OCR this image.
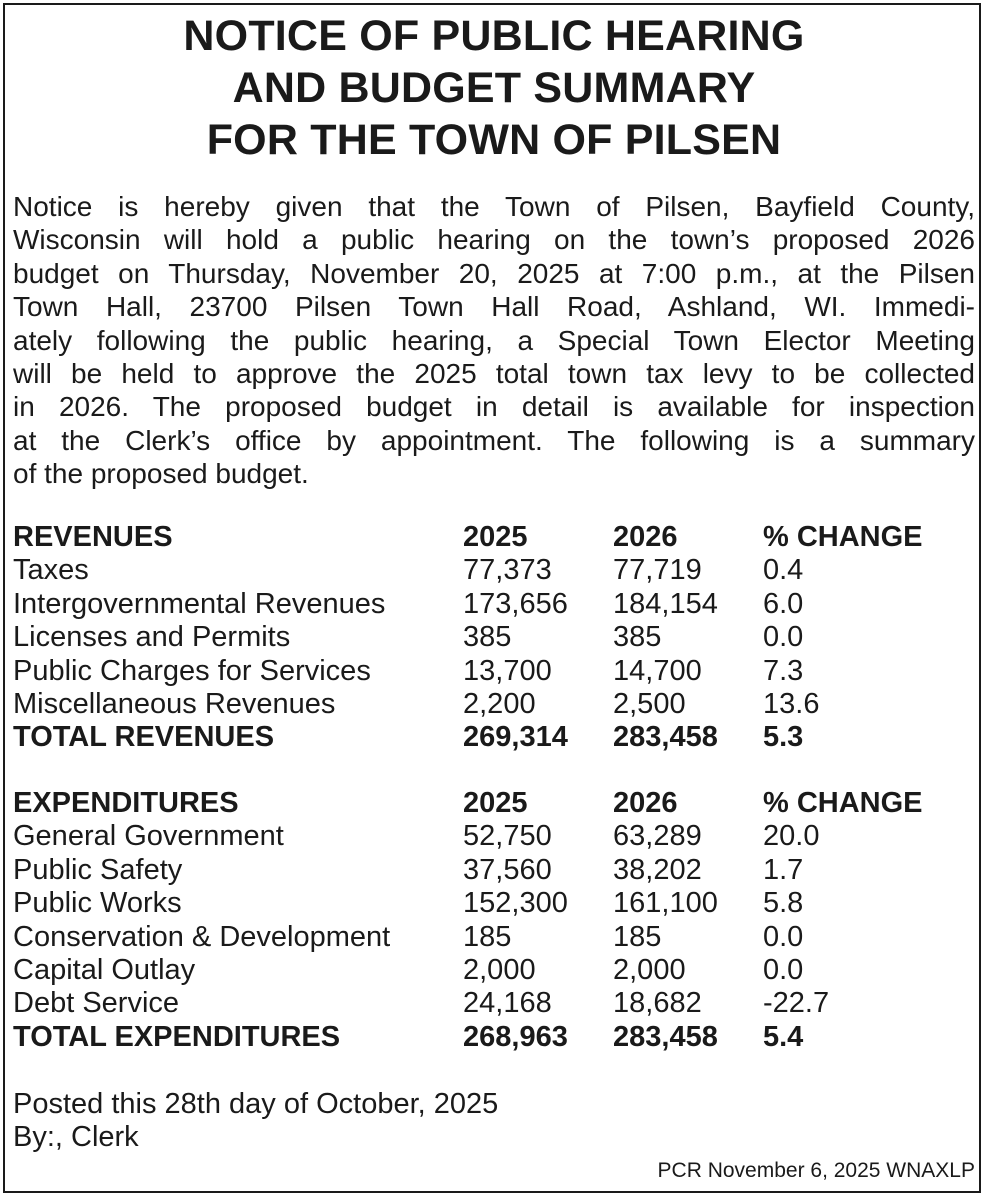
NOTICE OF PUBLIC HEARING
AND BUDGET SUMMARY
FOR THE TOWN OF PILSEN
Notice is hereby given that the Town of Pilsen, Bayfield County,
Wisconsin will hold a public hearing on the town’s proposed 2026
budget on Thursday, November 20, 2025 at 7:00 p.m., at the Pilsen
Town Hall, 23700 Pilsen Town Hall Road, Ashland, WI. Immedi-
ately following the public hearing, a Special Town Elector Meeting
will be held to approve the 2025 total town tax levy to be collected
in 2026. The proposed budget in detail is available for inspection
at the Clerk’s office by appointment. The following is a summary
of the proposed budget.
REVENUES	2025	2026	% CHANGE
Taxes	77,373	77,719	0.4
Intergovernmental Revenues	173,656	184,154	6.0
Licenses and Permits	385	385	0.0
Public Charges for Services	13,700	14,700	7.3
Miscellaneous Revenues	2,200	2,500	13.6
TOTAL REVENUES	269,314	283,458	5.3
EXPENDITURES	2025	2026	% CHANGE
General Government	52,750	63,289	20.0
Public Safety	37,560	38,202	1.7
Public Works	152,300	161,100	5.8
Conservation & Development	185	185	0.0
Capital Outlay	2,000	2,000	0.0
Debt Service	24,168	18,682	-22.7
TOTAL EXPENDITURES	268,963	283,458	5.4
Posted this 28th day of October, 2025
By:, Clerk
PCR November 6, 2025 WNAXLP
